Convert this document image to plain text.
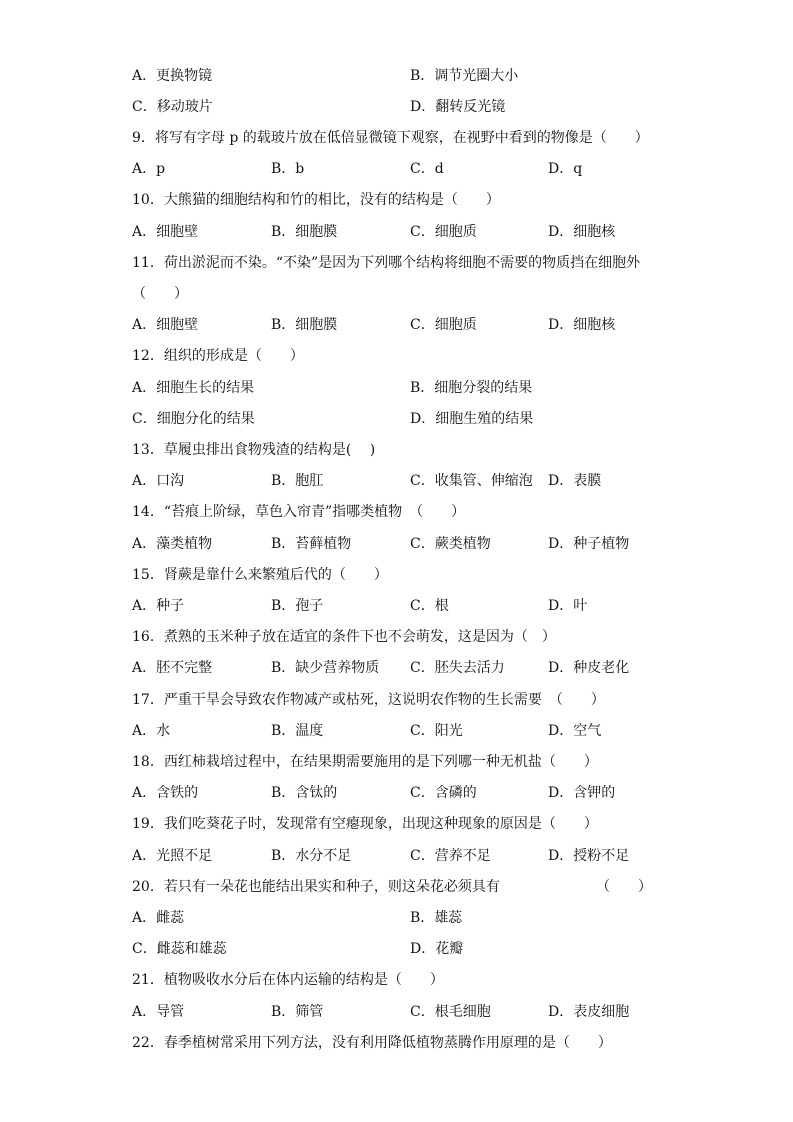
A．更换物镜	B．调节光圈大小
C．移动玻片	D．翻转反光镜
9．将写有字母 p 的载玻片放在低倍显微镜下观察，在视野中看到的物像是（　　）
A．p	B．b	C．d	D．q
10．大熊猫的细胞结构和竹的相比，没有的结构是（　　）
A．细胞壁	B．细胞膜	C．细胞质	D．细胞核
11．荷出淤泥而不染。“不染”是因为下列哪个结构将细胞不需要的物质挡在细胞外
（　　）
A．细胞壁	B．细胞膜	C．细胞质	D．细胞核
12．组织的形成是（　　）
A．细胞生长的结果	B．细胞分裂的结果
C．细胞分化的结果	D．细胞生殖的结果
13．草履虫排出食物残渣的结构是(　 )
A．口沟	B．胞肛	C．收集管、伸缩泡 D．表膜
14．“苔痕上阶绿，草色入帘青”指哪类植物　（　　）
A．藻类植物	B．苔藓植物	C．蕨类植物	D．种子植物
15．肾蕨是靠什么来繁殖后代的（　　）
A．种子	B．孢子	C．根	D．叶
16．煮熟的玉米种子放在适宜的条件下也不会萌发，这是因为（　）
A．胚不完整	B．缺少营养物质 C．胚失去活力	D．种皮老化
17．严重干旱会导致农作物减产或枯死，这说明农作物的生长需要　（　　）
A．水	B．温度	C．阳光	D．空气
18．西红柿栽培过程中，在结果期需要施用的是下列哪一种无机盐（　　）
A．含铁的	B．含钛的	C．含磷的	D．含钾的
19．我们吃葵花子时，发现常有空瘪现象，出现这种现象的原因是（　　）
A．光照不足	B．水分不足	C．营养不足	D．授粉不足
20．若只有一朵花也能结出果实和种子，则这朵花必须具有	（　　）
A．雌蕊	B．雄蕊
C．雌蕊和雄蕊	D．花瓣
21．植物吸收水分后在体内运输的结构是（　　）
A．导管	B．筛管	C．根毛细胞	D．表皮细胞
22．春季植树常采用下列方法，没有利用降低植物蒸腾作用原理的是（　　）
